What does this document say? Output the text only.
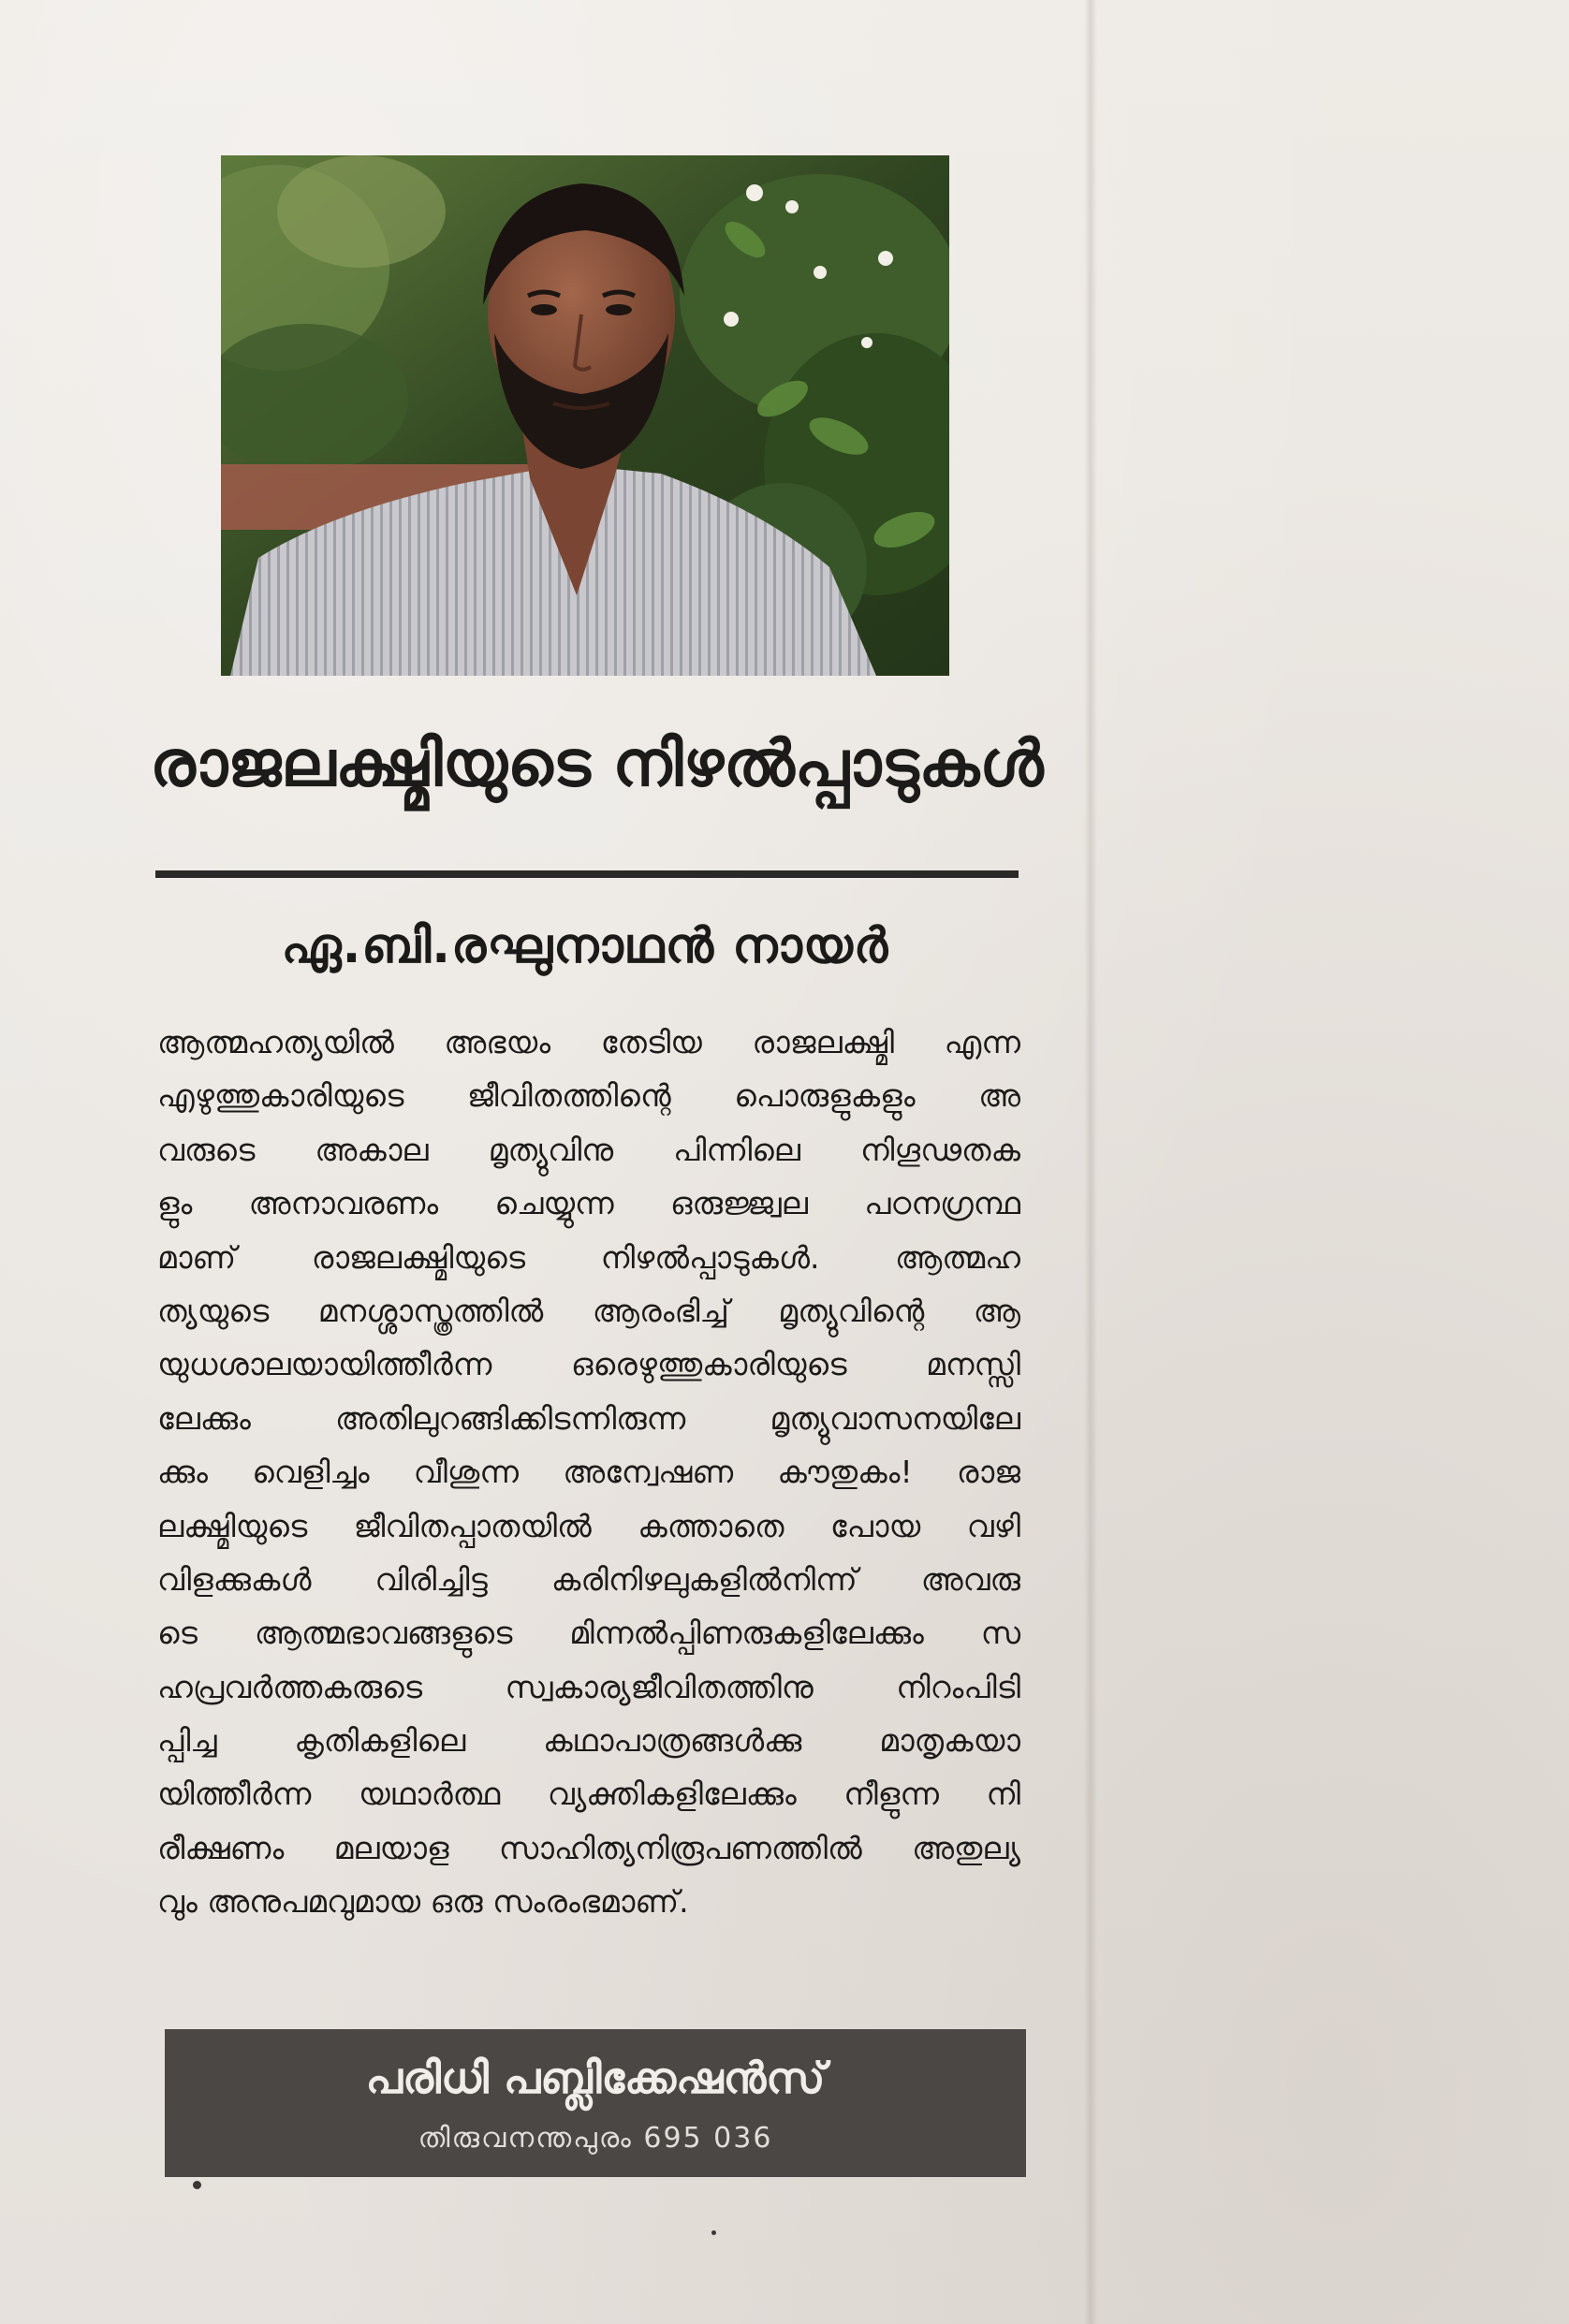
രാജലക്ഷ്മിയുടെ നിഴൽപ്പാടുകൾ
ഏ.ബി.രഘുനാഥൻ നായർ
ആത്മഹത്യയിൽ അഭയം തേടിയ രാജലക്ഷ്മി എന്ന
എഴുത്തുകാരിയുടെ ജീവിതത്തിന്റെ പൊരുളുകളും അ
വരുടെ അകാല മൃത്യുവിനു പിന്നിലെ നിഗൂഢതക
ളും അനാവരണം ചെയ്യുന്ന ഒരുജ്ജ്വല പഠനഗ്രന്ഥ
മാണ് രാജലക്ഷ്മിയുടെ നിഴൽപ്പാടുകൾ. ആത്മഹ
ത്യയുടെ മനശ്ശാസ്ത്രത്തിൽ ആരംഭിച്ച് മൃത്യുവിന്റെ ആ
യുധശാലയായിത്തീർന്ന ഒരെഴുത്തുകാരിയുടെ മനസ്സി
ലേക്കും അതിലുറങ്ങിക്കിടന്നിരുന്ന മൃത്യുവാസനയിലേ
ക്കും വെളിച്ചം വീശുന്ന അന്വേഷണ കൗതുകം! രാജ
ലക്ഷ്മിയുടെ ജീവിതപ്പാതയിൽ കത്താതെ പോയ വഴി
വിളക്കുകൾ വിരിച്ചിട്ട കരിനിഴലുകളിൽനിന്ന് അവരു
ടെ ആത്മഭാവങ്ങളുടെ മിന്നൽപ്പിണരുകളിലേക്കും സ
ഹപ്രവർത്തകരുടെ സ്വകാര്യജീവിതത്തിനു നിറംപിടി
പ്പിച്ച കൃതികളിലെ കഥാപാത്രങ്ങൾക്കു മാതൃകയാ
യിത്തീർന്ന യഥാർത്ഥ വ്യക്തികളിലേക്കും നീളുന്ന നി
രീക്ഷണം മലയാള സാഹിത്യനിരൂപണത്തിൽ അതുല്യ
വും അനുപമവുമായ ഒരു സംരംഭമാണ്.
പരിധി പബ്ലിക്കേഷൻസ്
തിരുവനന്തപുരം 695 036
